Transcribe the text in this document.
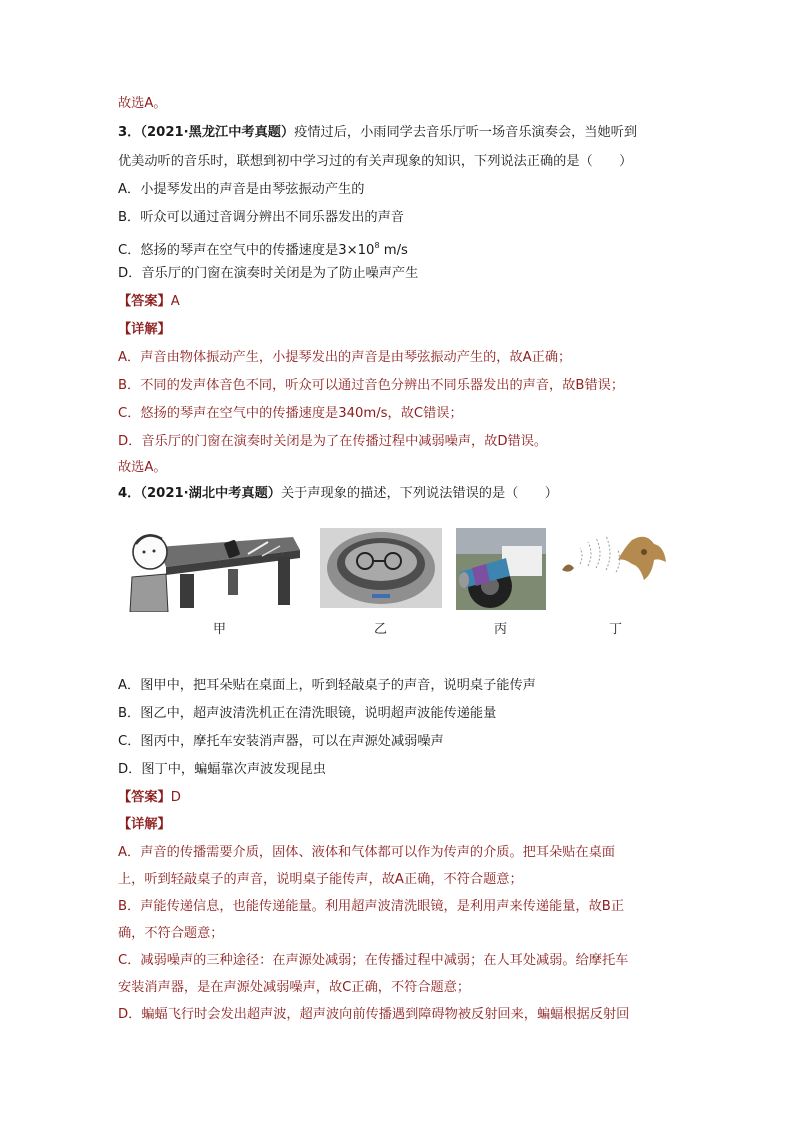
故选A。
3．（2021·黑龙江中考真题）疫情过后，小雨同学去音乐厅听一场音乐演奏会，当她听到
优美动听的音乐时，联想到初中学习过的有关声现象的知识，下列说法正确的是（　　）
A．小提琴发出的声音是由琴弦振动产生的
B．听众可以通过音调分辨出不同乐器发出的声音
C．悠扬的琴声在空气中的传播速度是$3\times 10^8$ m/s
D．音乐厅的门窗在演奏时关闭是为了防止噪声产生
【答案】A
【详解】
A．声音由物体振动产生，小提琴发出的声音是由琴弦振动产生的，故A正确；
B．不同的发声体音色不同，听众可以通过音色分辨出不同乐器发出的声音，故B错误；
C．悠扬的琴声在空气中的传播速度是340m/s，故C错误；
D．音乐厅的门窗在演奏时关闭是为了在传播过程中减弱噪声，故D错误。
故选A。
4．（2021·湖北中考真题）关于声现象的描述，下列说法错误的是（　　）
甲	乙	丙	丁
A．图甲中，把耳朵贴在桌面上，听到轻敲桌子的声音，说明桌子能传声
B．图乙中，超声波清洗机正在清洗眼镜，说明超声波能传递能量
C．图丙中，摩托车安装消声器，可以在声源处减弱噪声
D．图丁中，蝙蝠靠次声波发现昆虫
【答案】D
【详解】
A．声音的传播需要介质，固体、液体和气体都可以作为传声的介质。把耳朵贴在桌面
上，听到轻敲桌子的声音，说明桌子能传声，故A正确，不符合题意；
B．声能传递信息，也能传递能量。利用超声波清洗眼镜，是利用声来传递能量，故B正
确，不符合题意；
C．减弱噪声的三种途径：在声源处减弱；在传播过程中减弱；在人耳处减弱。给摩托车
安装消声器，是在声源处减弱噪声，故C正确，不符合题意；
D．蝙蝠飞行时会发出超声波，超声波向前传播遇到障碍物被反射回来，蝙蝠根据反射回
